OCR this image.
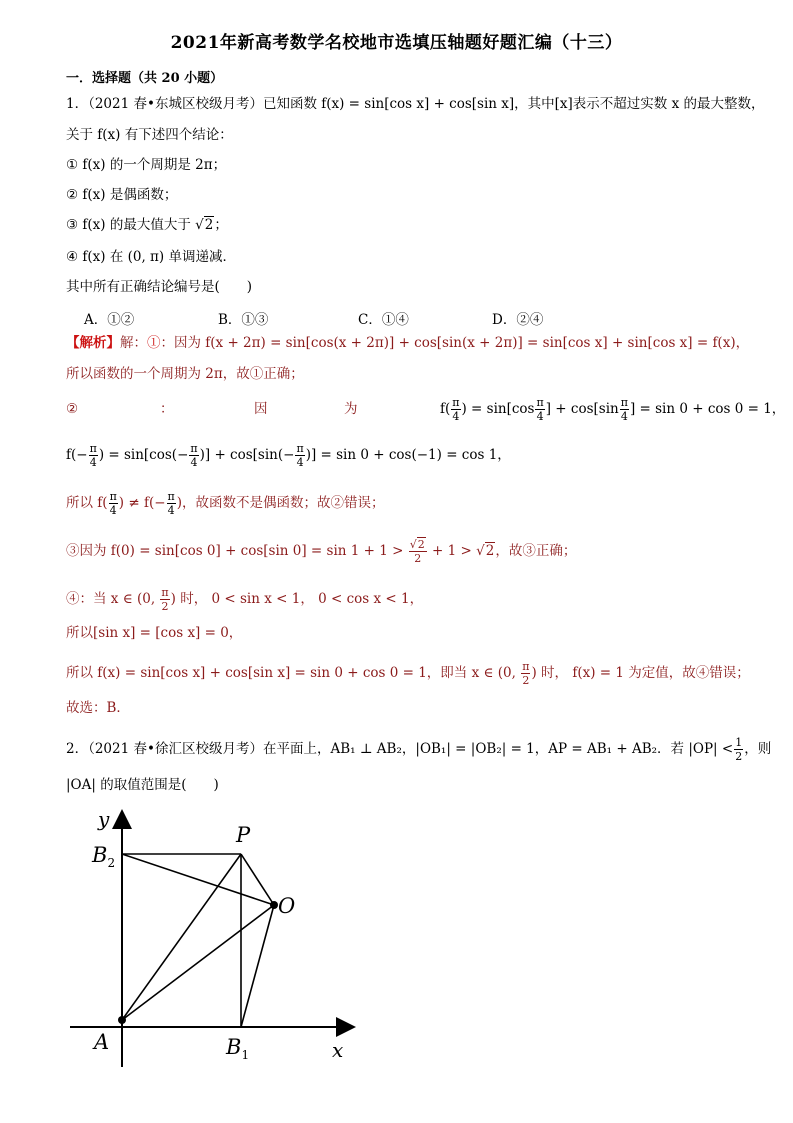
2021年新高考数学名校地市选填压轴题好题汇编（十三）
一．选择题（共 20 小题）
1．（2021 春•东城区校级月考）已知函数 f(x) = sin[cos x] + cos[sin x]，其中[x]表示不超过实数 x 的最大整数，
关于 f(x) 有下述四个结论：
① f(x) 的一个周期是 2π；
② f(x) 是偶函数；
③ f(x) 的最大值大于 √2；
④ f(x) 在 (0, π) 单调递减．
其中所有正确结论编号是(　　)
A．①②	B．①③	C．①④	D．②④
【解析】解：①：因为 f(x + 2π) = sin[cos(x + 2π)] + cos[sin(x + 2π)] = sin[cos x] + sin[cos x] = f(x)，
所以函数的一个周期为 2π，故①正确；
②	：	因	为	$f( \frac{\pi}{4}$ ) = $\sin[\cos \frac{\pi}{4}$ ] + $\cos[\sin \frac{\pi}{4}$ ] = sin 0 + cos 0 = 1，
$f(- \frac{\pi}{4}$ ) = $\sin[\cos(- \frac{\pi}{4}$ )] + $\cos[\sin(- \frac{\pi}{4}$ )] = sin 0 + cos(−1) = cos 1，
所以 $f( \frac{\pi}{4}$ ) ≠ $f(- \frac{\pi}{4}$ )，故函数不是偶函数；故②错误；
③因为 f(0) = sin[cos 0] + cos[sin $0] = \sin 1 + 1 > \frac{√2}{2} + 1 > √2$，故③正确；
④：当 x ∈ (0, $\frac{\pi}{2}$ ) 时， 0 < sin x < 1， 0 < cos x < 1，
所以[sin x] = [cos x] = 0，
所以 f(x) = sin[cos x] + cos[sin x] = sin 0 + cos 0 = 1，即当 x ∈ (0, $\frac{\pi}{2}$ ) 时， f(x) = 1 为定值，故④错误；
故选：B．
2．（2021 春•徐汇区校级月考）在平面上，AB₁ ⊥ AB₂，|OB₁| = |OB₂| = 1，AP = AB₁ + AB₂．若 $|OP| < \frac{1}{2}$ ，则
|OA| 的取值范围是(　　)
y
$B_2$
P
O
A	$B_1$	x
